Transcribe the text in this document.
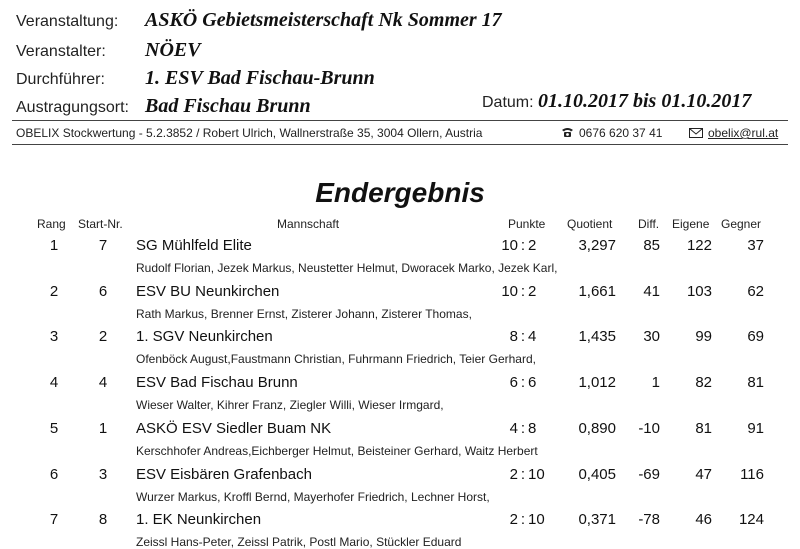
Veranstaltung: ASKÖ Gebietsmeisterschaft Nk Sommer 17
Veranstalter: NÖEV
Durchführer: 1. ESV Bad Fischau-Brunn
Austragungsort: Bad Fischau Brunn	Datum: 01.10.2017 bis 01.10.2017
OBELIX Stockwertung - 5.2.3852 / Robert Ulrich, Wallnerstraße 35, 3004 Ollern, Austria	0676 620 37 41	obelix@rul.at
Endergebnis
Rang Start-Nr.	Mannschaft	Punkte Quotient Diff. Eigene Gegner
1	7	SG Mühlfeld Elite	10 : 2	3,297	85	122	37
Rudolf Florian, Jezek Markus, Neustetter Helmut, Dworacek Marko, Jezek Karl,
2	6	ESV BU Neunkirchen	10 : 2	1,661	41	103	62
Rath Markus, Brenner Ernst, Zisterer Johann, Zisterer Thomas,
3	2	1. SGV Neunkirchen	8 : 4	1,435	30	99	69
Ofenböck August,Faustmann Christian, Fuhrmann Friedrich, Teier Gerhard,
4	4	ESV Bad Fischau Brunn	6 : 6	1,012	1	82	81
Wieser Walter, Kihrer Franz, Ziegler Willi, Wieser Irmgard,
5	1	ASKÖ ESV Siedler Buam NK	4 : 8	0,890	-10	81	91
Kerschhofer Andreas,Eichberger Helmut, Beisteiner Gerhard, Waitz Herbert
6	3	ESV Eisbären Grafenbach	2 : 10	0,405	-69	47	116
Wurzer Markus, Kroffl Bernd, Mayerhofer Friedrich, Lechner Horst,
7	8	1. EK Neunkirchen	2 : 10	0,371	-78	46	124
Zeissl Hans-Peter, Zeissl Patrik, Postl Mario, Stückler Eduard
